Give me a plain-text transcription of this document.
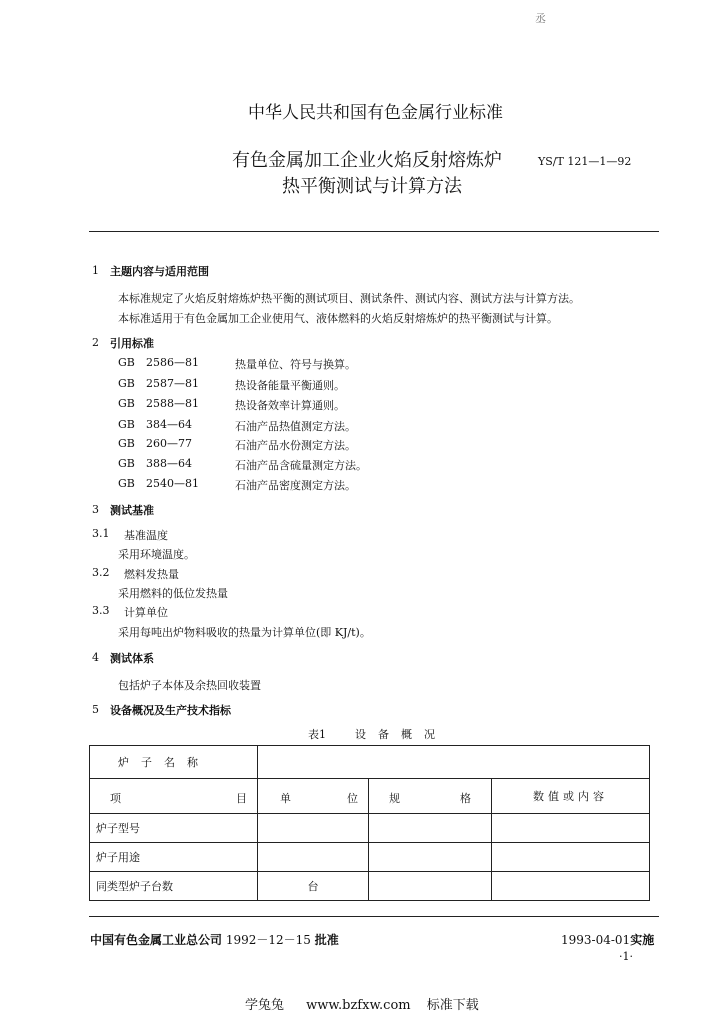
丞
中华人民共和国有色金属行业标准
有色金属加工企业火焰反射熔炼炉
热平衡测试与计算方法
YS/T 121—1—92
1 主题内容与适用范围
本标准规定了火焰反射熔炼炉热平衡的测试项目、测试条件、测试内容、测试方法与计算方法。
本标准适用于有色金属加工企业使用气、液体燃料的火焰反射熔炼炉的热平衡测试与计算。
2 引用标准
GB 2586—81	热量单位、符号与换算。
GB 2587—81	热设备能量平衡通则。
GB 2588—81	热设备效率计算通则。
GB 384—64	石油产品热值测定方法。
GB 260—77	石油产品水份测定方法。
GB 388—64	石油产品含硫量测定方法。
GB 2540—81	石油产品密度测定方法。
3 测试基准
3.1 基准温度
采用环境温度。
3.2 燃料发热量
采用燃料的低位发热量
3.3 计算单位
采用每吨出炉物料吸收的热量为计算单位(即 KJ/t)。
4 测试体系
包括炉子本体及余热回收装置
5 设备概况及生产技术指标
表1	设备概况
炉子名称			

项 目	单 位	规 格	数值或内容
炉子型号			
炉子用途			
同类型炉子台数	台		
中国有色金属工业总公司 1992－12－15 批准	1993-04-01实施
·1·
学兔兔 www.bzfxw.com 标准下载
